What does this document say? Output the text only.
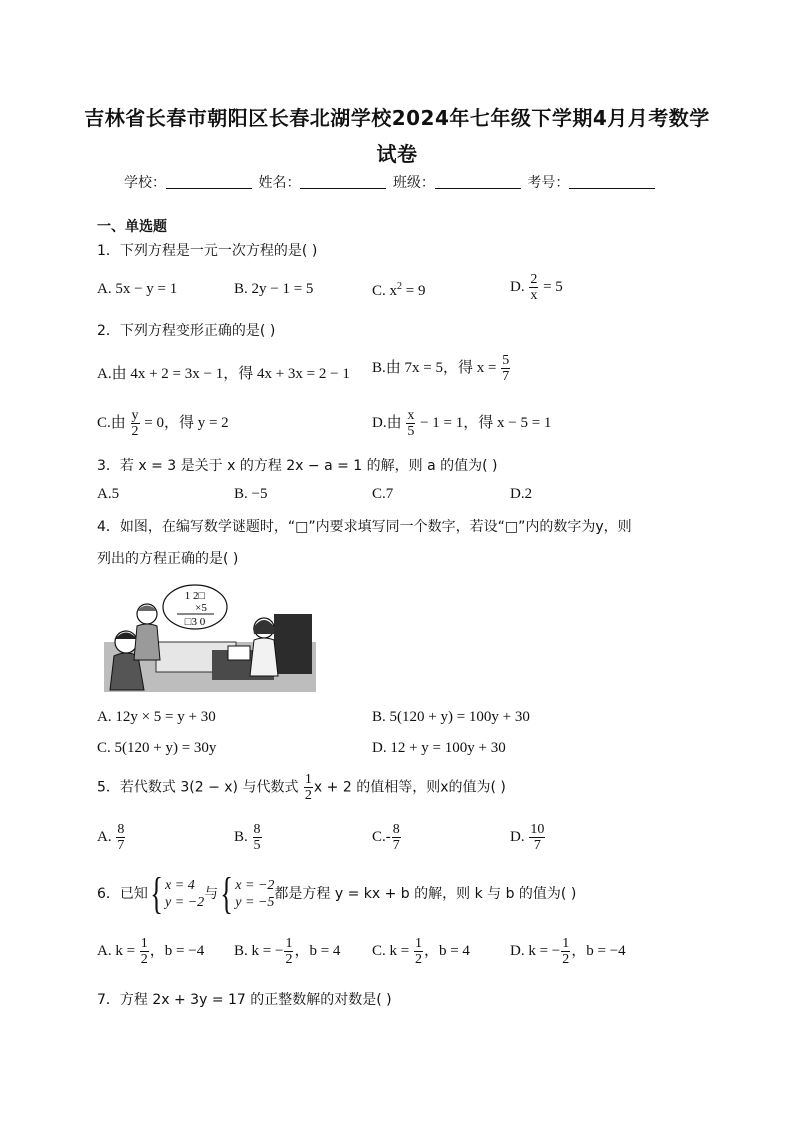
吉林省长春市朝阳区长春北湖学校2024年七年级下学期4月月考数学
试卷
学校：	姓名：	班级：	考号：
一、单选题
1．下列方程是一元一次方程的是( )
A. 5x − y = 1	B. 2y − 1 = 5	C. $x^2 = 9$	D. $\frac{2}{x} = 5$
2．下列方程变形正确的是( )
A.由 4x + 2 = 3x − 1，得 4x + 3x = 2 − 1 B.由 7x = 5，得 $x = \frac{5}{7}$
C.由 $\frac{y}{2} = 0$，得 y = 2	D.由 $\frac{x}{5} - 1 = 1$，得 x − 5 = 1
3．若 x = 3 是关于 x 的方程 2x − a = 1 的解，则 a 的值为( )
A.5	B. −5	C.7	D.2
4．如图，在编写数学谜题时，“□”内要求填写同一个数字，若设“□”内的数字为y，则
列出的方程正确的是( )
1 2□
×5
□3 0
A. 12y × 5 = y + 30	B. 5(120 + y) = 100y + 30
C. 5(120 + y) = 30y	D. 12 + y = 100y + 30
5．若代数式 3(2 − x) 与代数式 $\frac{1}{2}$ x + 2 的值相等，则x的值为( )
A. $\frac{8}{7}$	B. $\frac{8}{5}$	$C.- \frac{8}{7}$	D. $\frac{10}{7}$
6．已知{ x = 4
y = −2
与{ x = −2
y = −5
都是方程 y = kx + b 的解，则 k 与 b 的值为( )
A. $k = \frac{1}{2}$ ，b = −4 B. k = − $\frac{1}{2}$ ，b = 4 C. $k = \frac{1}{2}$ ，b = 4	D. k = − $\frac{1}{2}$ ，b = −4
7．方程 2x + 3y = 17 的正整数解的对数是( )
